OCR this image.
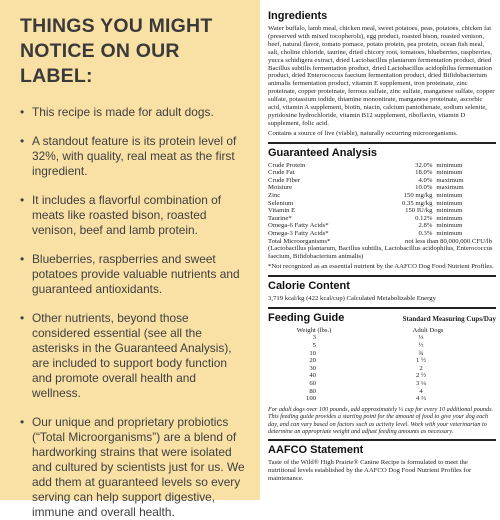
THINGS YOU MIGHT
NOTICE ON OUR LABEL:
• This recipe is made for adult dogs.
• A standout feature is its protein level of 32%, with quality, real meat as the first ingredient.
• It includes a flavorful combination of meats like roasted bison, roasted venison, beef and lamb protein.
• Blueberries, raspberries and sweet potatoes provide valuable nutrients and guaranteed antioxidants.
• Other nutrients, beyond those considered essential (see all the asterisks in the Guaranteed Analysis), are included to support body function and promote overall health and wellness.
• Our unique and proprietary probiotics (“Total Microorganisms”) are a blend of hardworking strains that were isolated and cultured by scientists just for us. We add them at guaranteed levels so every serving can help support digestive, immune and overall health.
Ingredients
Water buffalo, lamb meal, chicken meal, sweet potatoes, peas, potatoes, chicken fat (preserved with mixed tocopherols), egg product, roasted bison, roasted venison, beef, natural flavor, tomato pomace, potato protein, pea protein, ocean fish meal, salt, choline chloride, taurine, dried chicory root, tomatoes, blueberries, raspberries, yucca schidigera extract, dried Lactobacillus plantarum fermentation product, dried Bacillus subtilis fermentation product, dried Lactobacillus acidophilus fermentation product, dried Enterococcus faecium fermentation product, dried Bifidobacterium animalis fermentation product, vitamin E supplement, iron proteinate, zinc proteinate, copper proteinate, ferrous sulfate, zinc sulfate, manganese sulfate, copper sulfate, potassium iodide, thiamine mononitrate, manganese proteinate, ascorbic acid, vitamin A supplement, biotin, niacin, calcium pantothenate, sodium selenite, pyridoxine hydrochloride, vitamin B12 supplement, riboflavin, vitamin D supplement, folic acid.
Contains a source of live (viable), naturally occurring microorganisms.
Guaranteed Analysis
Crude Protein	32.0%	minimum
Crude Fat	18.0%	minimum
Crude Fiber	4.0%	maximum
Moisture	10.0%	maximum
Zinc	150 mg/kg	minimum
Selenium	0.35 mg/kg	minimum
Vitamin E	150 IU/kg	minimum
Taurine*	0.12%	minimum
Omega-6 Fatty Acids*	2.8%	minimum
Omega-3 Fatty Acids*	0.3%	minimum
Total Microorganisms*	not less than 80,000,000 CFU/lb	
(Lactobacillus plantarum, Bacillus subtilis, Lactobacillus acidophilus, Enterococcus faecium, Bifidobacterium animalis)
*Not recognized as an essential nutrient by the AAFCO Dog Food Nutrient Profiles.
Calorie Content
3,719 kcal/kg (422 kcal/cup) Calculated Metabolizable Energy
Feeding Guide	Standard Measuring Cups/Day
Weight (lbs.)	Adult Dogs
3	⅓
5	½
10	¾
20	1 ½
30	2
40	2 ½
60	3 ¼
80	4
100	4 ⅔
For adult dogs over 100 pounds, add approximately ⅓ cup for every 10 additional pounds. This feeding guide provides a starting point for the amount of food to give your dog each day, and can vary based on factors such as activity level. Work with your veterinarian to determine an appropriate weight and adjust feeding amounts as necessary.
AAFCO Statement
Taste of the Wild® High Prairie® Canine Recipe is formulated to meet the nutritional levels established by the AAFCO Dog Food Nutrient Profiles for maintenance.
